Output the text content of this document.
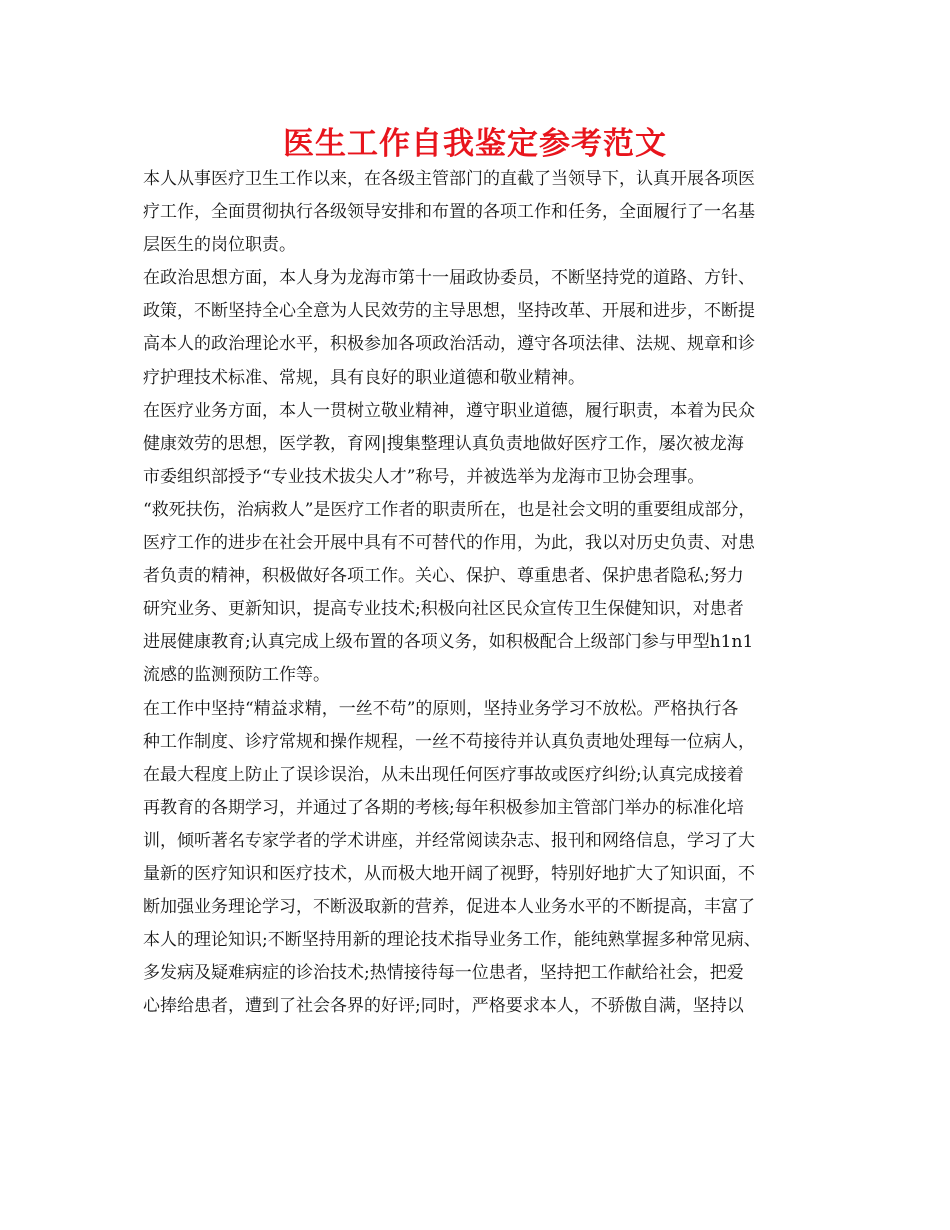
医生工作自我鉴定参考范文

本人从事医疗卫生工作以来，在各级主管部门的直截了当领导下，认真开展各项医
疗工作，全面贯彻执行各级领导安排和布置的各项工作和任务，全面履行了一名基
层医生的岗位职责。

在政治思想方面，本人身为龙海市第十一届政协委员，不断坚持党的道路、方针、
政策，不断坚持全心全意为人民效劳的主导思想，坚持改革、开展和进步，不断提
高本人的政治理论水平，积极参加各项政治活动，遵守各项法律、法规、规章和诊
疗护理技术标准、常规，具有良好的职业道德和敬业精神。

在医疗业务方面，本人一贯树立敬业精神，遵守职业道德，履行职责，本着为民众
健康效劳的思想，医学教，育网|搜集整理认真负责地做好医疗工作，屡次被龙海
市委组织部授予“专业技术拔尖人才”称号，并被选举为龙海市卫协会理事。

“救死扶伤，治病救人”是医疗工作者的职责所在，也是社会文明的重要组成部分，
医疗工作的进步在社会开展中具有不可替代的作用，为此，我以对历史负责、对患
者负责的精神，积极做好各项工作。关心、保护、尊重患者、保护患者隐私;努力
研究业务、更新知识，提高专业技术;积极向社区民众宣传卫生保健知识，对患者
进展健康教育;认真完成上级布置的各项义务，如积极配合上级部门参与甲型h1n1
流感的监测预防工作等。

在工作中坚持“精益求精，一丝不苟”的原则，坚持业务学习不放松。严格执行各
种工作制度、诊疗常规和操作规程，一丝不苟接待并认真负责地处理每一位病人，
在最大程度上防止了误诊误治，从未出现任何医疗事故或医疗纠纷;认真完成接着
再教育的各期学习，并通过了各期的考核;每年积极参加主管部门举办的标准化培
训，倾听著名专家学者的学术讲座，并经常阅读杂志、报刊和网络信息，学习了大
量新的医疗知识和医疗技术，从而极大地开阔了视野，特别好地扩大了知识面，不
断加强业务理论学习，不断汲取新的营养，促进本人业务水平的不断提高，丰富了
本人的理论知识;不断坚持用新的理论技术指导业务工作，能纯熟掌握多种常见病、
多发病及疑难病症的诊治技术;热情接待每一位患者，坚持把工作献给社会，把爱
心捧给患者，遭到了社会各界的好评;同时，严格要求本人，不骄傲自满，坚持以
